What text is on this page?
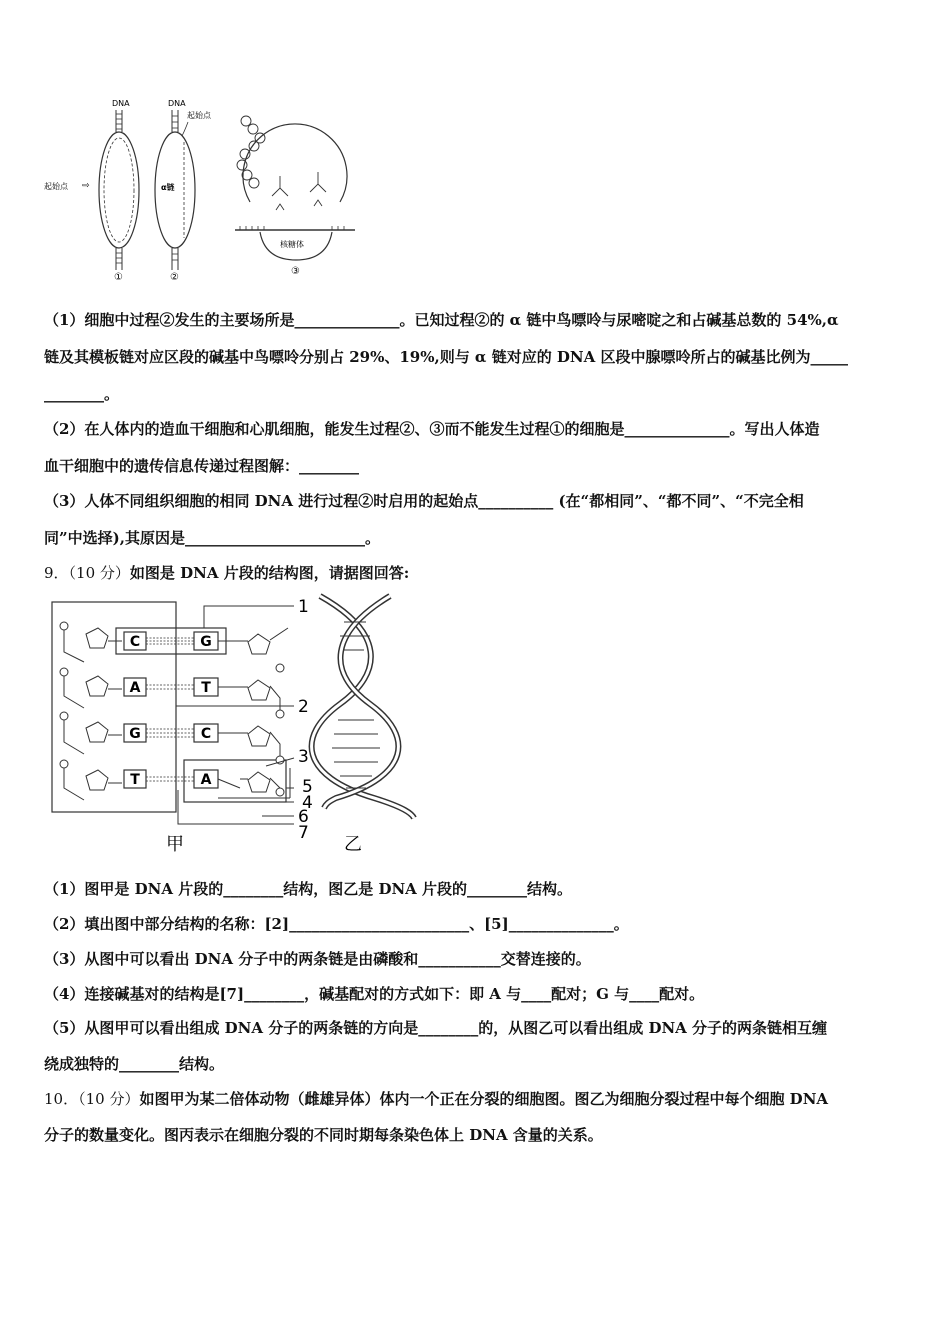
DNA
起始点 ⇨
①
DNA
α链
起始点
②
核糖体
③
（1）细胞中过程②发生的主要场所是______________。已知过程②的 α 链中鸟嘌呤与尿嘧啶之和占碱基总数的 54%,α
链及其模板链对应区段的碱基中鸟嘌呤分别占 29%、19%,则与 α 链对应的 DNA 区段中腺嘌呤所占的碱基比例为_____
________。
（2）在人体内的造血干细胞和心肌细胞，能发生过程②、③而不能发生过程①的细胞是______________。写出人体造
血干细胞中的遗传信息传递过程图解：________
（3）人体不同组织细胞的相同 DNA 进行过程②时启用的起始点__________ (在“都相同”、“都不同”、“不完全相
同”中选择),其原因是________________________。
9．（10 分）如图是 DNA 片段的结构图，请据图回答:
C
A
G
T
G
T
C
A
1
2
3
5
4
6
7
甲	乙
（1）图甲是 DNA 片段的________结构，图乙是 DNA 片段的________结构。
（2）填出图中部分结构的名称：[2]________________________、[5]______________。
（3）从图中可以看出 DNA 分子中的两条链是由磷酸和___________交替连接的。
（4）连接碱基对的结构是[7]________，碱基配对的方式如下：即 A 与____配对；G 与____配对。
（5）从图甲可以看出组成 DNA 分子的两条链的方向是________的，从图乙可以看出组成 DNA 分子的两条链相互缠
绕成独特的________结构。
10．（10 分）如图甲为某二倍体动物（雌雄异体）体内一个正在分裂的细胞图。图乙为细胞分裂过程中每个细胞 DNA
分子的数量变化。图丙表示在细胞分裂的不同时期每条染色体上 DNA 含量的关系。
